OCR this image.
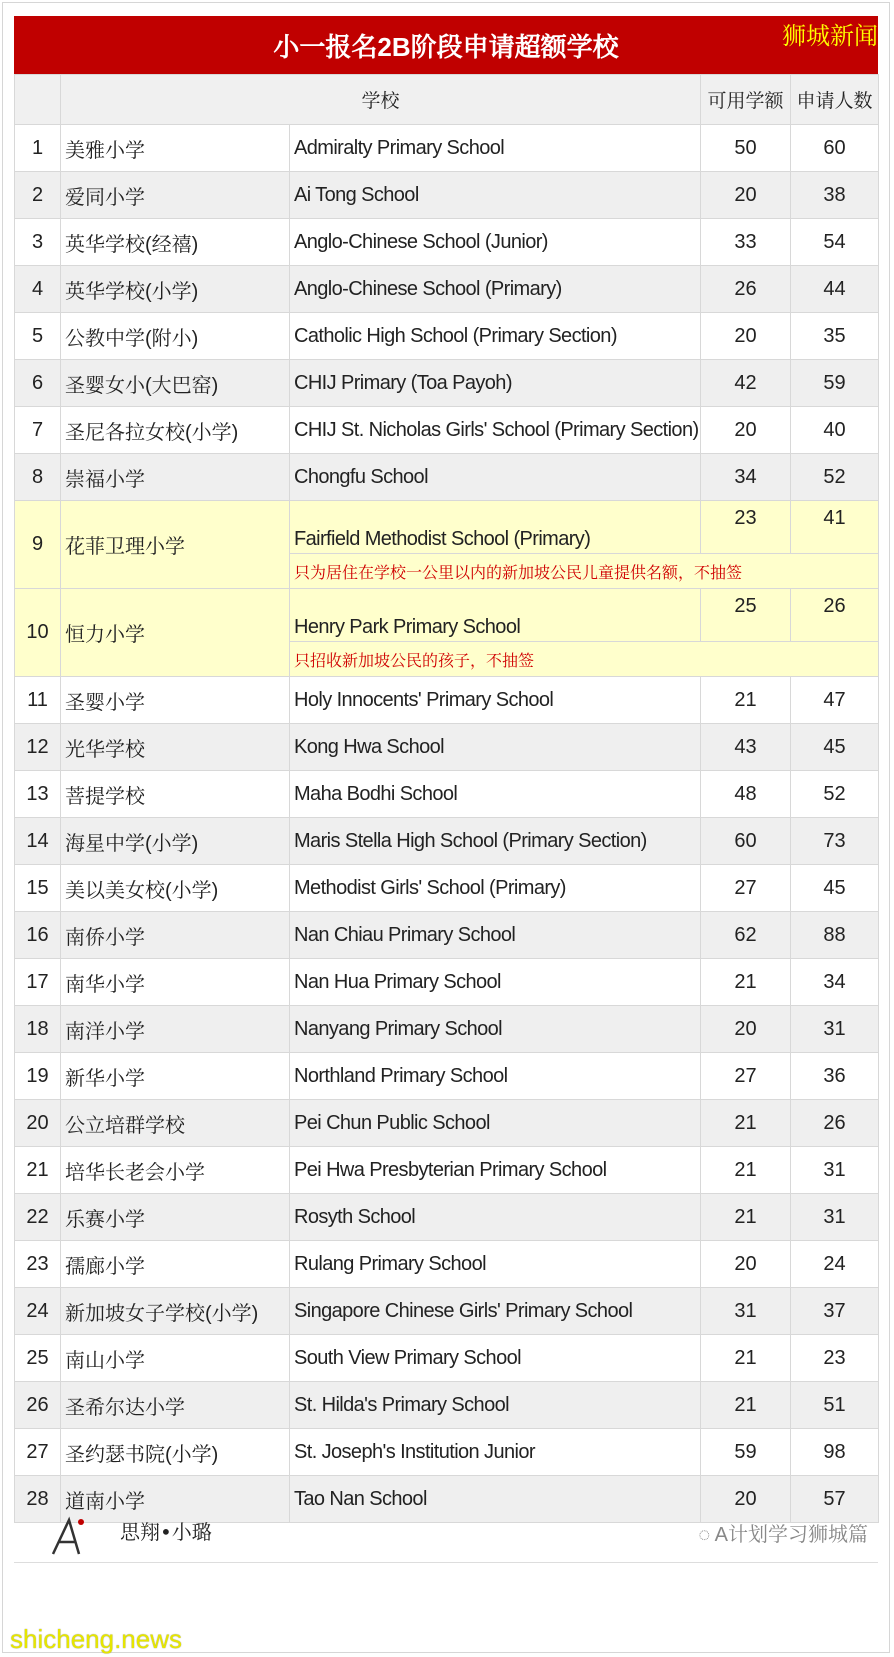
小一报名2B阶段申请超额学校	狮城新闻
	学校		可用学额	申请人数
1	美雅小学	Admiralty Primary School	50	60
2	爱同小学	Ai Tong School	20	38
3	英华学校(经禧)	Anglo-Chinese School (Junior)	33	54
4	英华学校(小学)	Anglo-Chinese School (Primary)	26	44
5	公教中学(附小)	Catholic High School (Primary Section)	20	35
6	圣婴女小(大巴窑)	CHIJ Primary (Toa Payoh)	42	59
7	圣尼各拉女校(小学)	CHIJ St. Nicholas Girls' School (Primary Section)	20	40
8	崇福小学	Chongfu School	34	52
9	花菲卫理小学	Fairfield Methodist School (Primary)	23	41
		只为居住在学校一公里以内的新加坡公民儿童提供名额，不抽签		
10	恒力小学	Henry Park Primary School	25	26
		只招收新加坡公民的孩子，不抽签		
11	圣婴小学	Holy Innocents' Primary School	21	47
12	光华学校	Kong Hwa School	43	45
13	菩提学校	Maha Bodhi School	48	52
14	海星中学(小学)	Maris Stella High School (Primary Section)	60	73
15	美以美女校(小学)	Methodist Girls' School (Primary)	27	45
16	南侨小学	Nan Chiau Primary School	62	88
17	南华小学	Nan Hua Primary School	21	34
18	南洋小学	Nanyang Primary School	20	31
19	新华小学	Northland Primary School	27	36
20	公立培群学校	Pei Chun Public School	21	26
21	培华长老会小学	Pei Hwa Presbyterian Primary School	21	31
22	乐赛小学	Rosyth School	21	31
23	孺廊小学	Rulang Primary School	20	24
24	新加坡女子学校(小学)	Singapore Chinese Girls' Primary School	31	37
25	南山小学	South View Primary School	21	23
26	圣希尔达小学	St. Hilda's Primary School	21	51
27	圣约瑟书院(小学)	St. Joseph's Institution Junior	59	98
28	道南小学	Tao Nan School	20	57
思翔•小璐	◌ A计划学习狮城篇
shicheng.news
